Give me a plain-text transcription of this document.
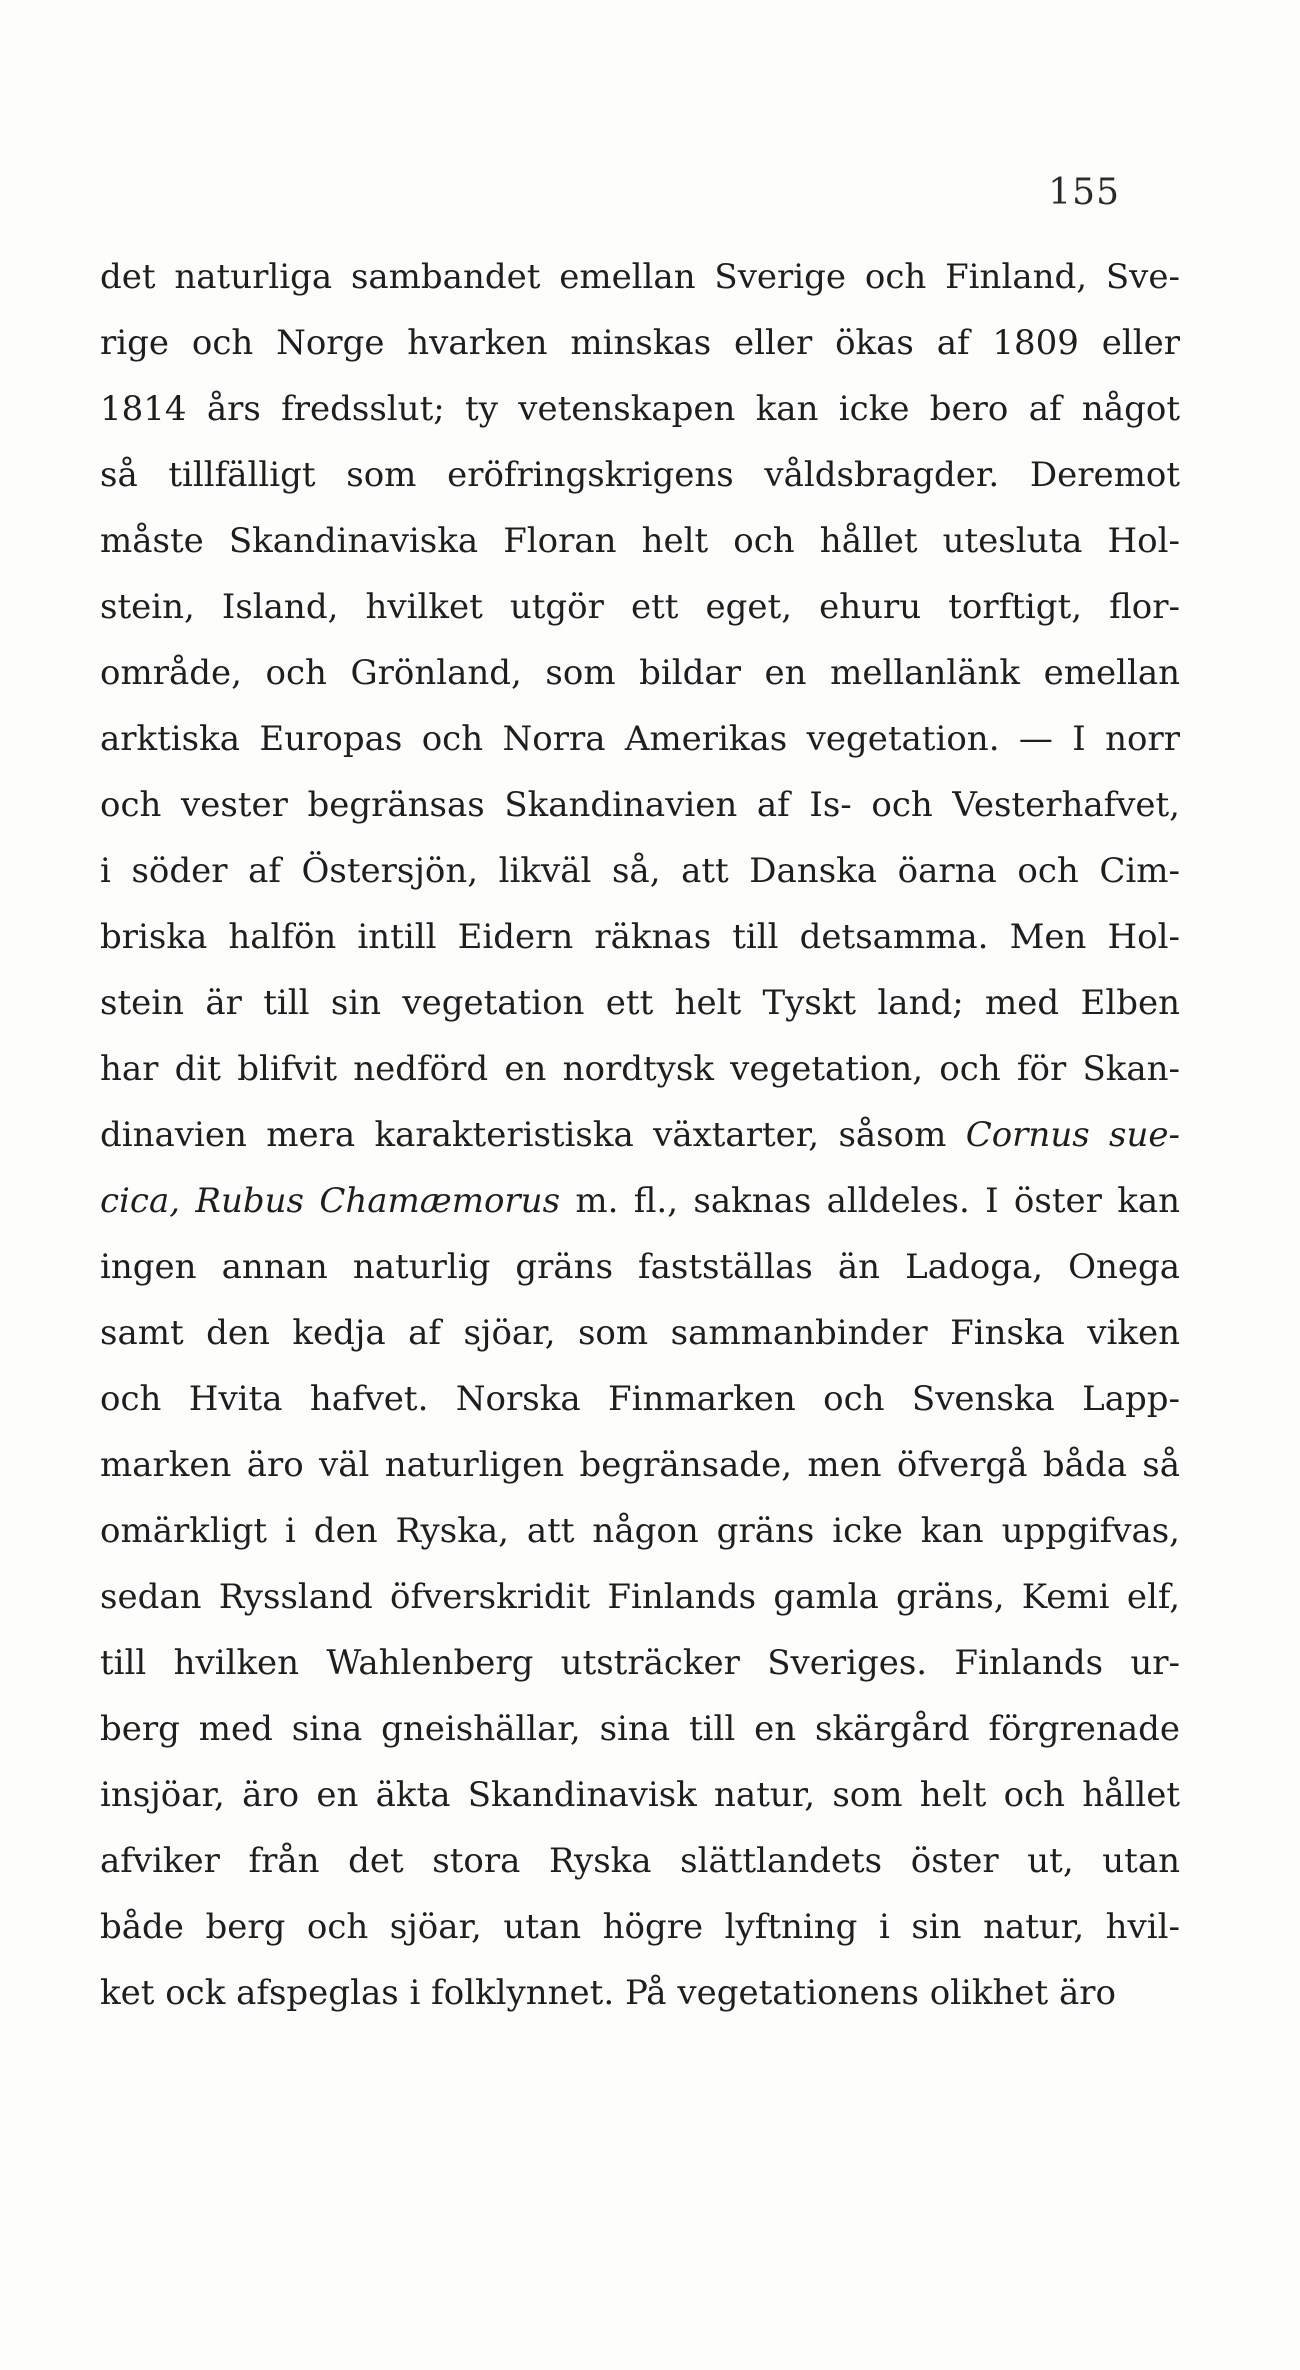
155
det naturliga sambandet emellan Sverige och Finland, Sve-
rige och Norge hvarken minskas eller ökas af 1809 eller
1814 års fredsslut; ty vetenskapen kan icke bero af något
så tillfälligt som eröfringskrigens våldsbragder. Deremot
måste Skandinaviska Floran helt och hållet utesluta Hol-
stein, Island, hvilket utgör ett eget, ehuru torftigt, flor-
område, och Grönland, som bildar en mellanlänk emellan
arktiska Europas och Norra Amerikas vegetation. — I norr
och vester begränsas Skandinavien af Is- och Vesterhafvet,
i söder af Östersjön, likväl så, att Danska öarna och Cim-
briska halfön intill Eidern räknas till detsamma. Men Hol-
stein är till sin vegetation ett helt Tyskt land; med Elben
har dit blifvit nedförd en nordtysk vegetation, och för Skan-
dinavien mera karakteristiska växtarter, såsom Cornus sue-
cica, Rubus Chamæmorus m. fl., saknas alldeles. I öster kan
ingen annan naturlig gräns fastställas än Ladoga, Onega
samt den kedja af sjöar, som sammanbinder Finska viken
och Hvita hafvet. Norska Finmarken och Svenska Lapp-
marken äro väl naturligen begränsade, men öfvergå båda så
omärkligt i den Ryska, att någon gräns icke kan uppgifvas,
sedan Ryssland öfverskridit Finlands gamla gräns, Kemi elf,
till hvilken Wahlenberg utsträcker Sveriges. Finlands ur-
berg med sina gneishällar, sina till en skärgård förgrenade
insjöar, äro en äkta Skandinavisk natur, som helt och hållet
afviker från det stora Ryska slättlandets öster ut, utan
både berg och sjöar, utan högre lyftning i sin natur, hvil-
ket ock afspeglas i folklynnet. På vegetationens olikhet äro
